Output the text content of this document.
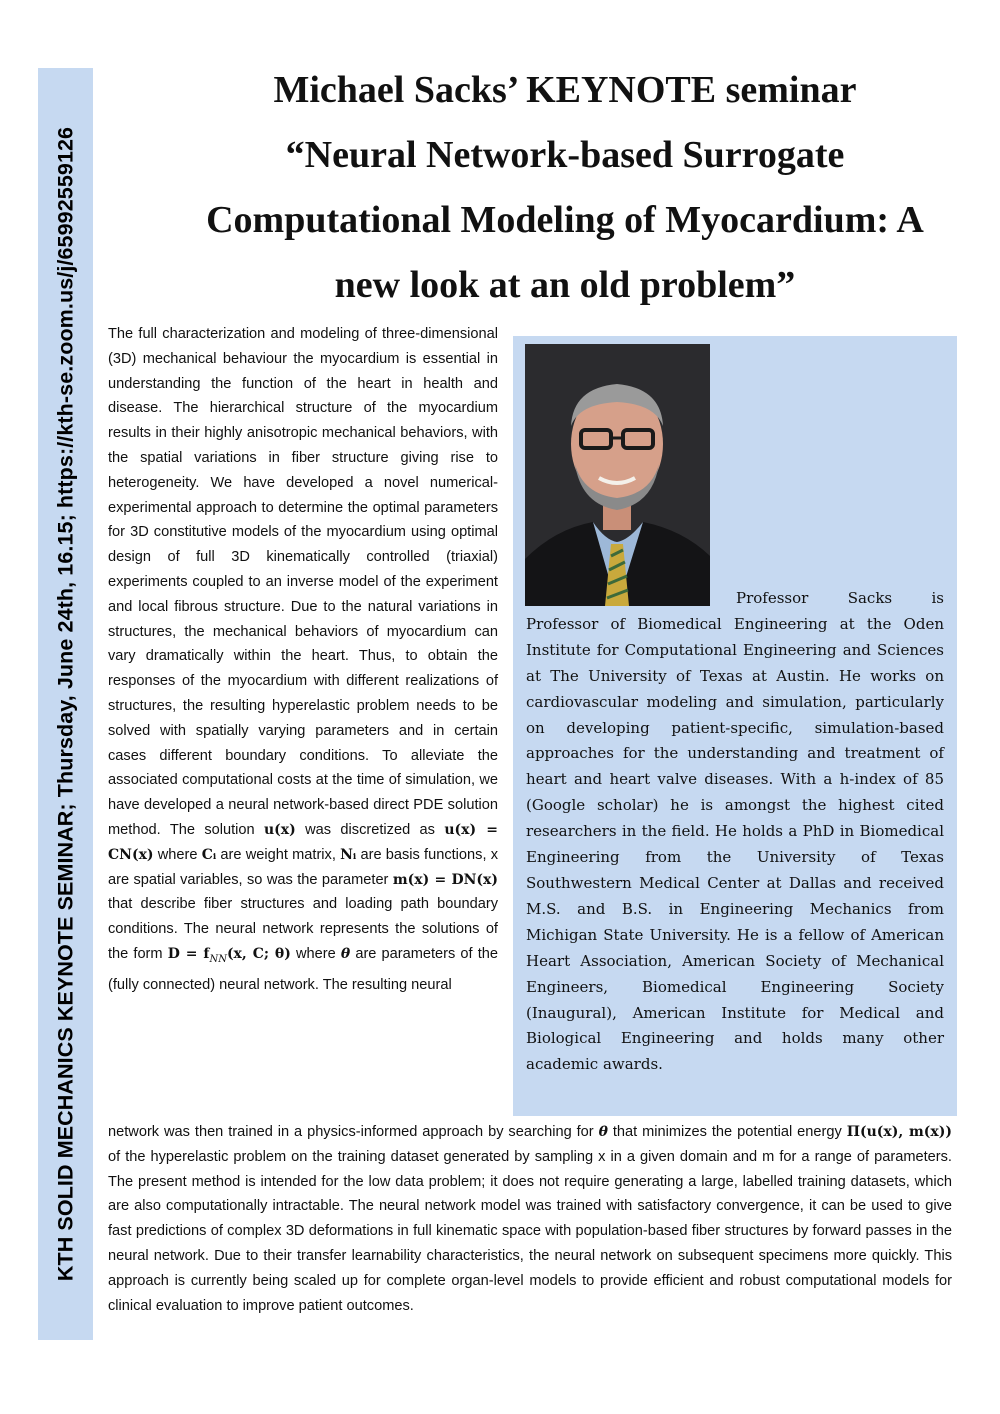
KTH SOLID MECHANICS KEYNOTE SEMINAR; Thursday, June 24th, 16.15; https://kth-se.zoom.us/j/65992559126
Michael Sacks’ KEYNOTE seminar
“Neural Network-based Surrogate
Computational Modeling of Myocardium: A
new look at an old problem”

The full characterization and modeling of three-dimensional (3D) mechanical behaviour the myocardium is essential in understanding the function of the heart in health and disease. The hierarchical structure of the myocardium results in their highly anisotropic mechanical behaviors, with the spatial variations in fiber structure giving rise to heterogeneity. We have developed a novel numerical-experimental approach to determine the optimal parameters for 3D constitutive models of the myocardium using optimal design of full 3D kinematically controlled (triaxial) experiments coupled to an inverse model of the experiment and local fibrous structure. Due to the natural variations in structures, the mechanical behaviors of myocardium can vary dramatically within the heart. Thus, to obtain the responses of the myocardium with different realizations of structures, the resulting hyperelastic problem needs to be solved with spatially varying parameters and in certain cases different boundary conditions. To alleviate the associated computational costs at the time of simulation, we have developed a neural network-based direct PDE solution method. The solution u(x) was discretized as u(x) = CN(x) where Cᵢ are weight matrix, Nᵢ are basis functions, x are spatial variables, so was the parameter m(x) = DN(x) that describe fiber structures and loading path boundary conditions. The neural network represents the solutions of the form $D = f_{NN}(x$, C; θ) where θ are parameters of the (fully connected) neural network. The resulting neural

Professor Sacks is Professor of Biomedical Engineering at the Oden Institute for Computational Engineering and Sciences at The University of Texas at Austin. He works on cardiovascular modeling and simulation, particularly on developing patient-specific, simulation-based approaches for the understanding and treatment of heart and heart valve diseases. With a h-index of 85 (Google scholar) he is amongst the highest cited researchers in the field. He holds a PhD in Biomedical Engineering from the University of Texas Southwestern Medical Center at Dallas and received M.S. and B.S. in Engineering Mechanics from Michigan State University. He is a fellow of American Heart Association, American Society of Mechanical Engineers, Biomedical Engineering Society (Inaugural), American Institute for Medical and Biological Engineering and holds many other academic awards.

network was then trained in a physics-informed approach by searching for θ that minimizes the potential energy Π(u(x), m(x)) of the hyperelastic problem on the training dataset generated by sampling x in a given domain and m for a range of parameters. The present method is intended for the low data problem; it does not require generating a large, labelled training datasets, which are also computationally intractable. The neural network model was trained with satisfactory convergence, it can be used to give fast predictions of complex 3D deformations in full kinematic space with population-based fiber structures by forward passes in the neural network. Due to their transfer learnability characteristics, the neural network on subsequent specimens more quickly. This approach is currently being scaled up for complete organ-level models to provide efficient and robust computational models for clinical evaluation to improve patient outcomes.
